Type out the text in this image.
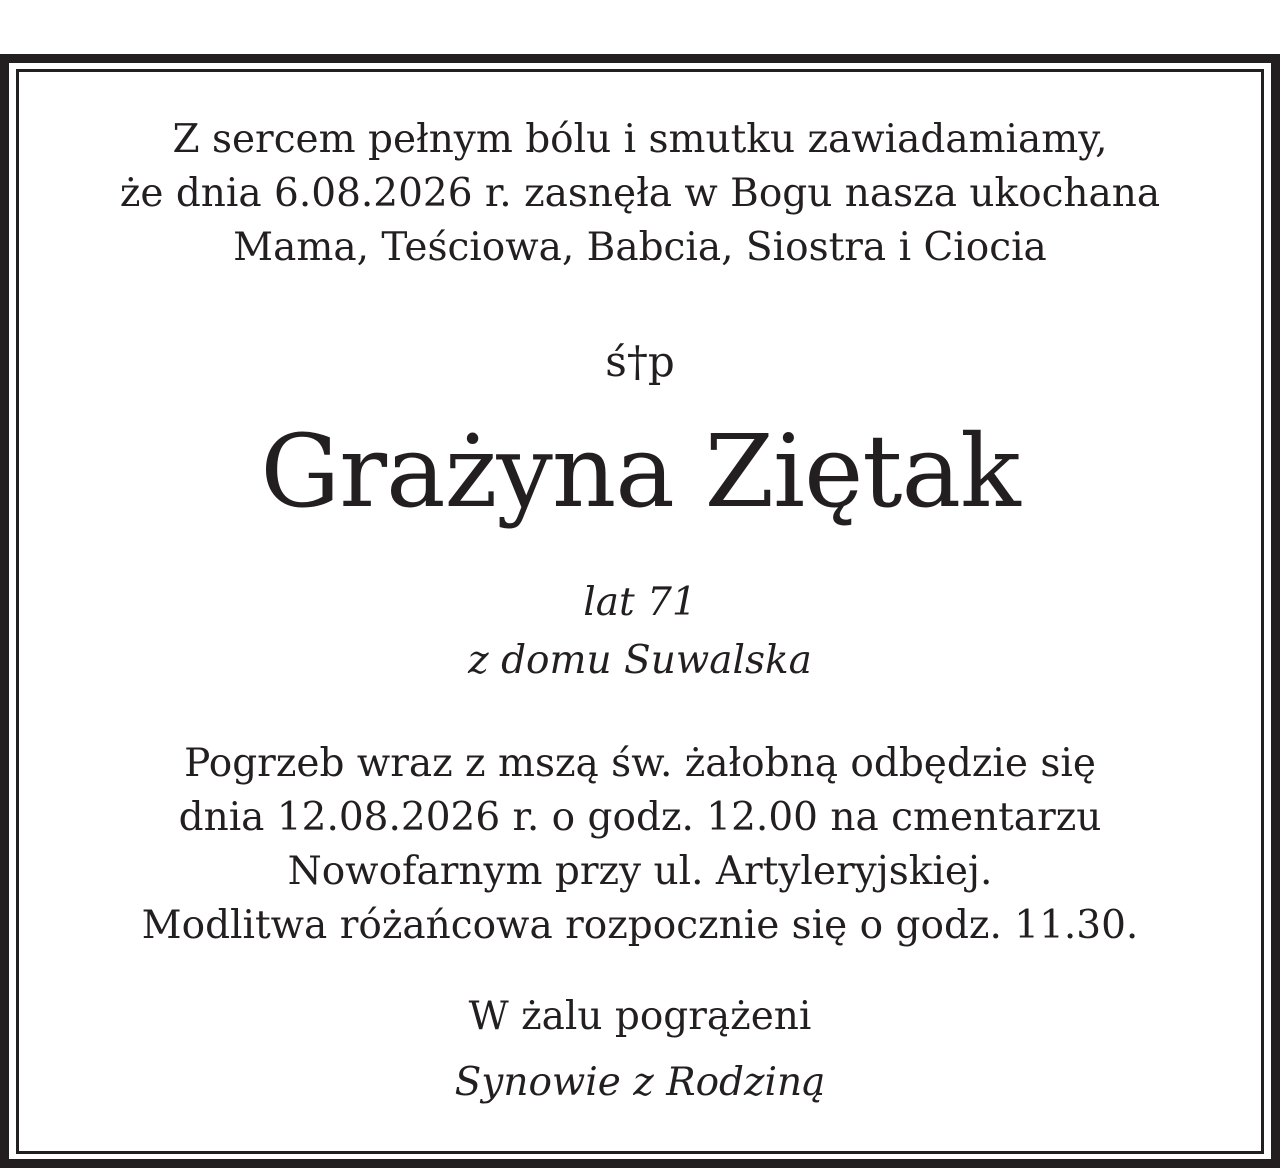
Z sercem pełnym bólu i smutku zawiadamiamy,
że dnia 6.08.2026 r. zasnęła w Bogu nasza ukochana
Mama, Teściowa, Babcia, Siostra i Ciocia
ś†p
Grażyna Ziętak
lat 71
z domu Suwalska
Pogrzeb wraz z mszą św. żałobną odbędzie się
dnia 12.08.2026 r. o godz. 12.00 na cmentarzu
Nowofarnym przy ul. Artyleryjskiej.
Modlitwa różańcowa rozpocznie się o godz. 11.30.
W żalu pogrążeni
Synowie z Rodziną
